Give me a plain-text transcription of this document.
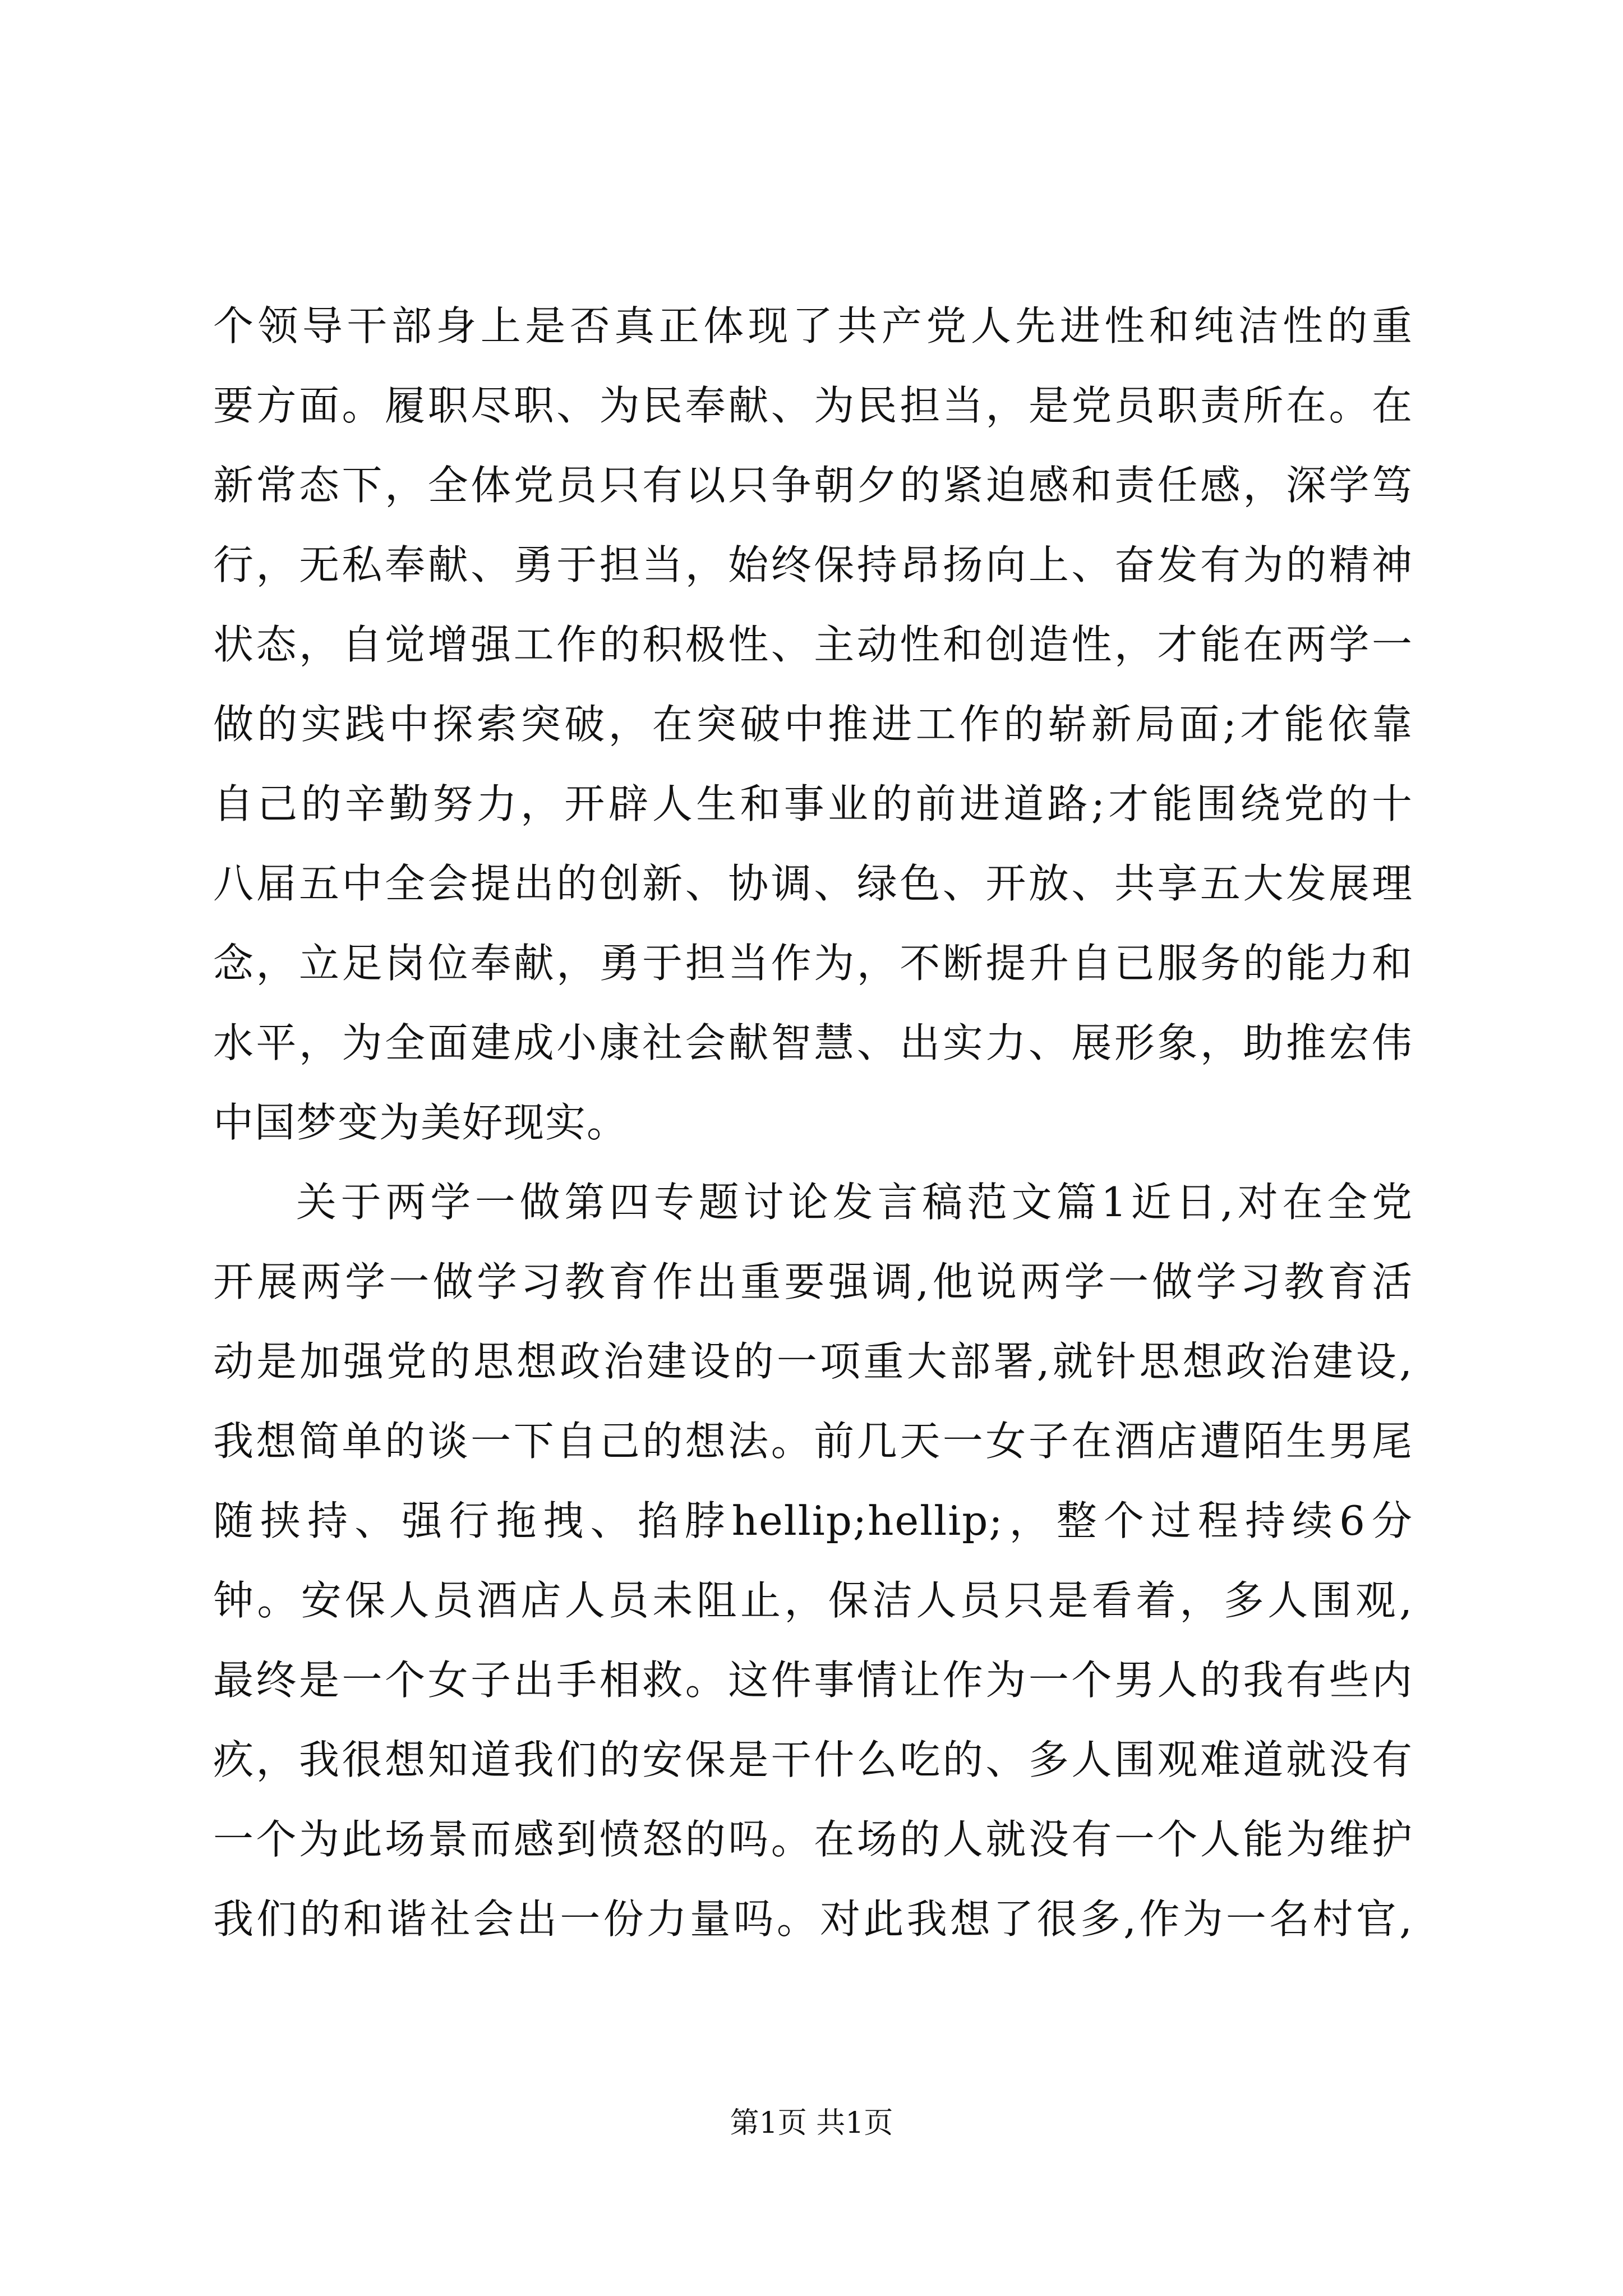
个领导干部身上是否真正体现了共产党人先进性和纯洁性的重
要方面。履职尽职、为民奉献、为民担当，是党员职责所在。在
新常态下，全体党员只有以只争朝夕的紧迫感和责任感，深学笃
行，无私奉献、勇于担当，始终保持昂扬向上、奋发有为的精神
状态，自觉增强工作的积极性、主动性和创造性，才能在两学一
做的实践中探索突破，在突破中推进工作的崭新局面;才能依靠
自己的辛勤努力，开辟人生和事业的前进道路;才能围绕党的十
八届五中全会提出的创新、协调、绿色、开放、共享五大发展理
念，立足岗位奉献，勇于担当作为，不断提升自已服务的能力和
水平，为全面建成小康社会献智慧、出实力、展形象，助推宏伟
中国梦变为美好现实。
关于两学一做第四专题讨论发言稿范文篇1近日,对在全党
开展两学一做学习教育作出重要强调,他说两学一做学习教育活
动是加强党的思想政治建设的一项重大部署,就针思想政治建设,
我想简单的谈一下自己的想法。前几天一女子在酒店遭陌生男尾
随挟持、强行拖拽、掐脖hellip;hellip;，整个过程持续6分
钟。安保人员酒店人员未阻止，保洁人员只是看着，多人围观,
最终是一个女子出手相救。这件事情让作为一个男人的我有些内
疚，我很想知道我们的安保是干什么吃的、多人围观难道就没有
一个为此场景而感到愤怒的吗。在场的人就没有一个人能为维护
我们的和谐社会出一份力量吗。对此我想了很多,作为一名村官,
第1页 共1页
